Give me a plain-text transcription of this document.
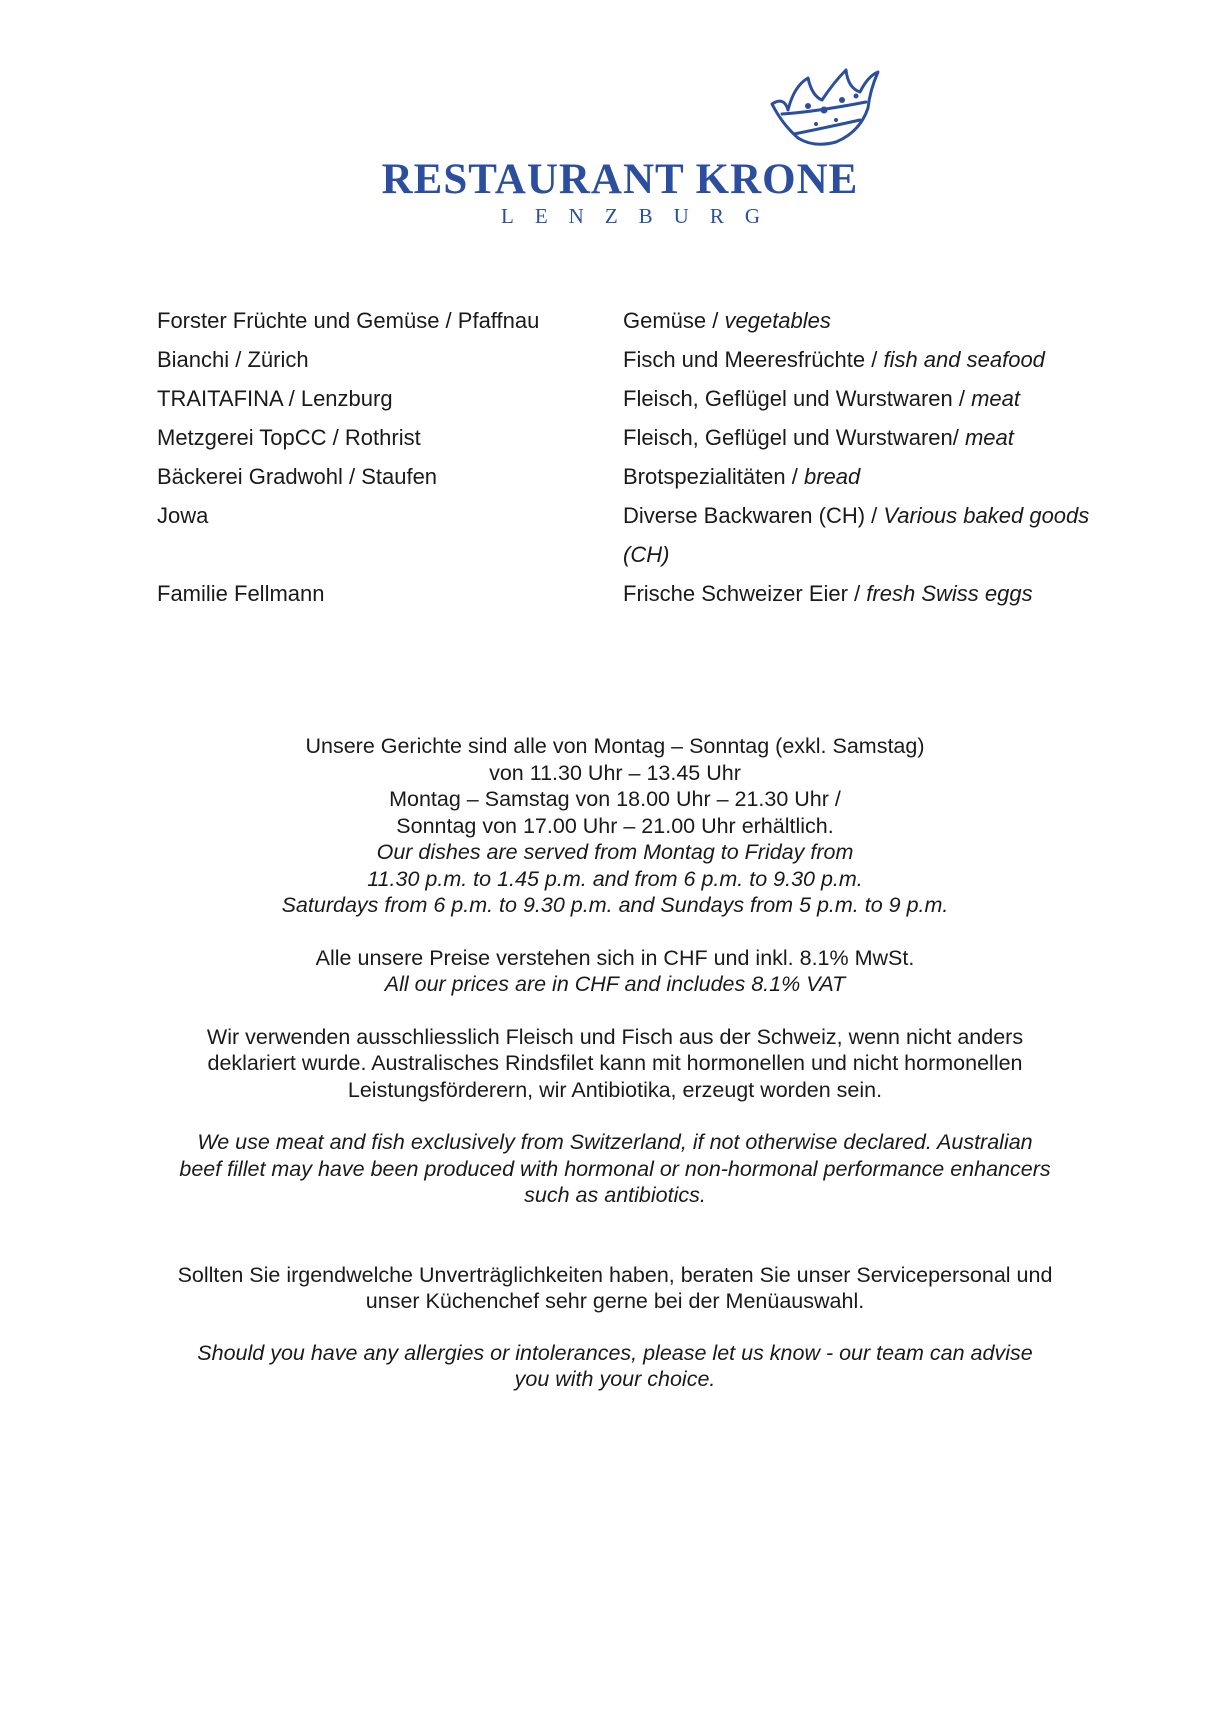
RESTAURANT KRONE
LENZBURG
Forster Früchte und Gemüse / Pfaffnau	Gemüse / vegetables
Bianchi / Zürich	Fisch und Meeresfrüchte / fish and seafood
TRAITAFINA / Lenzburg	Fleisch, Geflügel und Wurstwaren / meat
Metzgerei TopCC / Rothrist	Fleisch, Geflügel und Wurstwaren/ meat
Bäckerei Gradwohl / Staufen	Brotspezialitäten / bread
Jowa	Diverse Backwaren (CH) / Various baked goods (CH)
Familie Fellmann	Frische Schweizer Eier / fresh Swiss eggs

Unsere Gerichte sind alle von Montag – Sonntag (exkl. Samstag)

von 11.30 Uhr – 13.45 Uhr

Montag – Samstag von 18.00 Uhr – 21.30 Uhr /

Sonntag von 17.00 Uhr – 21.00 Uhr erhältlich.

Our dishes are served from Montag to Friday from

11.30 p.m. to 1.45 p.m. and from 6 p.m. to 9.30 p.m.

Saturdays from 6 p.m. to 9.30 p.m. and Sundays from 5 p.m. to 9 p.m.

Alle unsere Preise verstehen sich in CHF und inkl. 8.1% MwSt.

All our prices are in CHF and includes 8.1% VAT

Wir verwenden ausschliesslich Fleisch und Fisch aus der Schweiz, wenn nicht anders

deklariert wurde. Australisches Rindsfilet kann mit hormonellen und nicht hormonellen

Leistungsförderern, wir Antibiotika, erzeugt worden sein.

We use meat and fish exclusively from Switzerland, if not otherwise declared. Australian

beef fillet may have been produced with hormonal or non-hormonal performance enhancers

such as antibiotics.

Sollten Sie irgendwelche Unverträglichkeiten haben, beraten Sie unser Servicepersonal und

unser Küchenchef sehr gerne bei der Menüauswahl.

Should you have any allergies or intolerances, please let us know - our team can advise

you with your choice.
